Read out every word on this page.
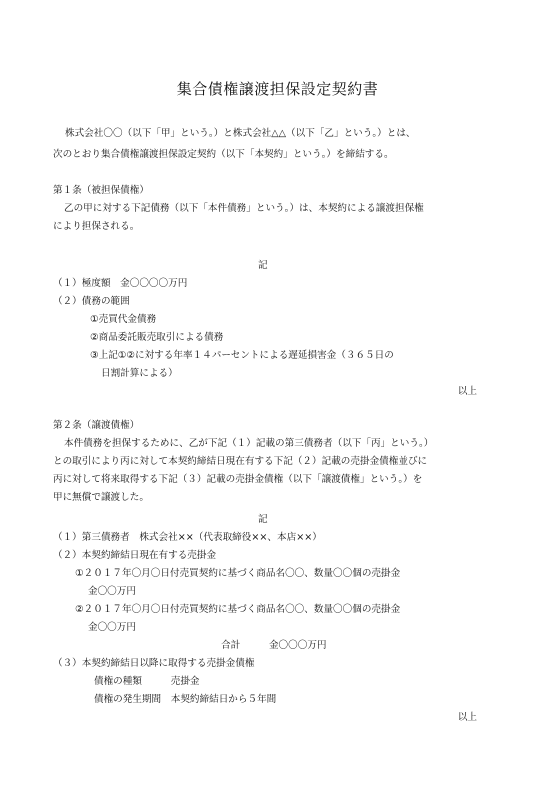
集合債権譲渡担保設定契約書
株式会社〇〇（以下「甲」という。）と株式会社△△（以下「乙」という。）とは、
次のとおり集合債権譲渡担保設定契約（以下「本契約」という。）を締結する。
第１条（被担保債権）
乙の甲に対する下記債務（以下「本件債務」という。）は、本契約による譲渡担保権
により担保される。
記
（１）極度額　金〇〇〇〇万円
（２）債務の範囲
①売買代金債務
②商品委託販売取引による債務
③上記①②に対する年率１４パーセントによる遅延損害金（３６５日の
日割計算による）
以上
第２条（譲渡債権）
本件債務を担保するために、乙が下記（１）記載の第三債務者（以下「丙」という。）
との取引により丙に対して本契約締結日現在有する下記（２）記載の売掛金債権並びに
丙に対して将来取得する下記（３）記載の売掛金債権（以下「譲渡債権」という。）を
甲に無償で譲渡した。
記
（１）第三債務者　株式会社××（代表取締役××、本店××）
（２）本契約締結日現在有する売掛金
①２０１７年〇月〇日付売買契約に基づく商品名〇〇、数量〇〇個の売掛金
金〇〇万円
②２０１７年〇月〇日付売買契約に基づく商品名〇〇、数量〇〇個の売掛金
金〇〇万円
合計　　　金〇〇〇万円
（３）本契約締結日以降に取得する売掛金債権
債権の種類　　　売掛金
債権の発生期間　本契約締結日から５年間
以上
